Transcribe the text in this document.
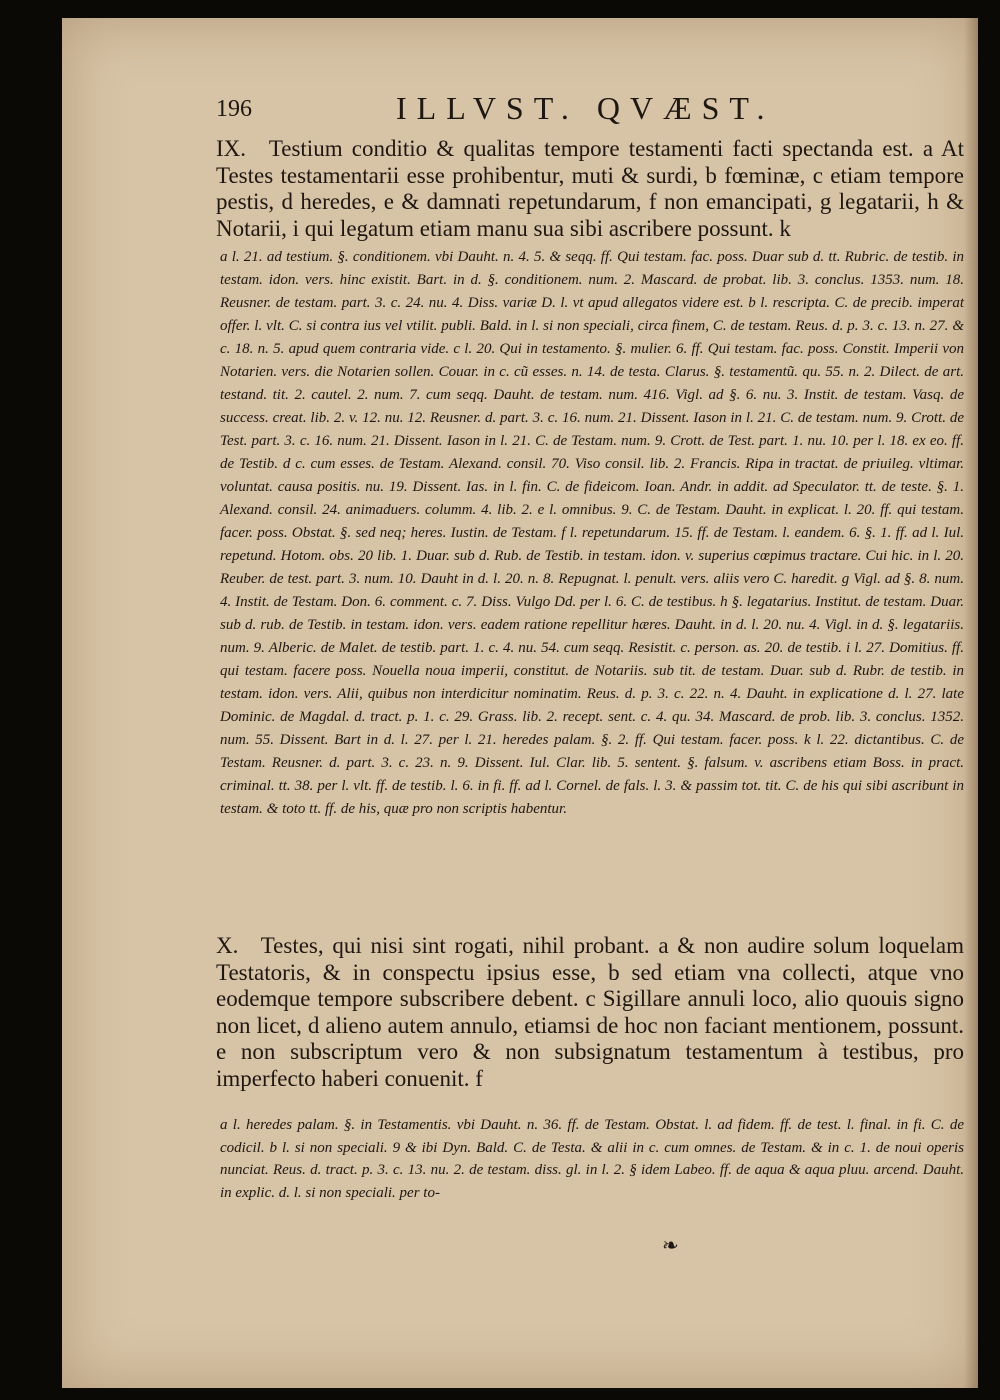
196	ILLVST. QVÆST.
IX. Testium conditio & qualitas tempore testamenti facti spectanda est. a At Testes testamentarii esse prohibentur, muti & surdi, b fœminæ, c etiam tempore pestis, d heredes, e & damnati repetundarum, f non emancipati, g legatarii, h & Notarii, i qui legatum etiam manu sua sibi ascribere possunt. k
a l. 21. ad testium. §. conditionem. vbi Dauht. n. 4. 5. & seqq. ff. Qui testam. fac. poss. Duar sub d. tt. Rubric. de testib. in testam. idon. vers. hinc existit. Bart. in d. §. conditionem. num. 2. Mascard. de probat. lib. 3. conclus. 1353. num. 18. Reusner. de testam. part. 3. c. 24. nu. 4. Diss. variæ D. l. vt apud allegatos videre est. b l. rescripta. C. de precib. imperat offer. l. vlt. C. si contra ius vel vtilit. publi. Bald. in l. si non speciali, circa finem, C. de testam. Reus. d. p. 3. c. 13. n. 27. & c. 18. n. 5. apud quem contraria vide. c l. 20. Qui in testamento. §. mulier. 6. ff. Qui testam. fac. poss. Constit. Imperii von Notarien. vers. die Notarien sollen. Couar. in c. cũ esses. n. 14. de testa. Clarus. §. testamentũ. qu. 55. n. 2. Dilect. de art. testand. tit. 2. cautel. 2. num. 7. cum seqq. Dauht. de testam. num. 416. Vigl. ad §. 6. nu. 3. Instit. de testam. Vasq. de success. creat. lib. 2. v. 12. nu. 12. Reusner. d. part. 3. c. 16. num. 21. Dissent. Iason in l. 21. C. de testam. num. 9. Crott. de Test. part. 3. c. 16. num. 21. Dissent. Iason in l. 21. C. de Testam. num. 9. Crott. de Test. part. 1. nu. 10. per l. 18. ex eo. ff. de Testib. d c. cum esses. de Testam. Alexand. consil. 70. Viso consil. lib. 2. Francis. Ripa in tractat. de priuileg. vltimar. voluntat. causa positis. nu. 19. Dissent. Ias. in l. fin. C. de fideicom. Ioan. Andr. in addit. ad Speculator. tt. de teste. §. 1. Alexand. consil. 24. animaduers. columm. 4. lib. 2. e l. omnibus. 9. C. de Testam. Dauht. in explicat. l. 20. ff. qui testam. facer. poss. Obstat. §. sed neq; heres. Iustin. de Testam. f l. repetundarum. 15. ff. de Testam. l. eandem. 6. §. 1. ff. ad l. Iul. repetund. Hotom. obs. 20 lib. 1. Duar. sub d. Rub. de Testib. in testam. idon. v. superius cœpimus tractare. Cui hic. in l. 20. Reuber. de test. part. 3. num. 10. Dauht in d. l. 20. n. 8. Repugnat. l. penult. vers. aliis vero C. haredit. g Vigl. ad §. 8. num. 4. Instit. de Testam. Don. 6. comment. c. 7. Diss. Vulgo Dd. per l. 6. C. de testibus. h §. legatarius. Institut. de testam. Duar. sub d. rub. de Testib. in testam. idon. vers. eadem ratione repellitur hæres. Dauht. in d. l. 20. nu. 4. Vigl. in d. §. legatariis. num. 9. Alberic. de Malet. de testib. part. 1. c. 4. nu. 54. cum seqq. Resistit. c. person. as. 20. de testib. i l. 27. Domitius. ff. qui testam. facere poss. Nouella noua imperii, constitut. de Notariis. sub tit. de testam. Duar. sub d. Rubr. de testib. in testam. idon. vers. Alii, quibus non interdicitur nominatim. Reus. d. p. 3. c. 22. n. 4. Dauht. in explicatione d. l. 27. late Dominic. de Magdal. d. tract. p. 1. c. 29. Grass. lib. 2. recept. sent. c. 4. qu. 34. Mascard. de prob. lib. 3. conclus. 1352. num. 55. Dissent. Bart in d. l. 27. per l. 21. heredes palam. §. 2. ff. Qui testam. facer. poss. k l. 22. dictantibus. C. de Testam. Reusner. d. part. 3. c. 23. n. 9. Dissent. Iul. Clar. lib. 5. sentent. §. falsum. v. ascribens etiam Boss. in pract. criminal. tt. 38. per l. vlt. ff. de testib. l. 6. in fi. ff. ad l. Cornel. de fals. l. 3. & passim tot. tit. C. de his qui sibi ascribunt in testam. & toto tt. ff. de his, quæ pro non scriptis habentur.
X. Testes, qui nisi sint rogati, nihil probant. a & non audire solum loquelam Testatoris, & in conspectu ipsius esse, b sed etiam vna collecti, atque vno eodemque tempore subscribere debent. c Sigillare annuli loco, alio quouis signo non licet, d alieno autem annulo, etiamsi de hoc non faciant mentionem, possunt. e non subscriptum vero & non subsignatum testamentum à testibus, pro imperfecto haberi conuenit. f
a l. heredes palam. §. in Testamentis. vbi Dauht. n. 36. ff. de Testam. Obstat. l. ad fidem. ff. de test. l. final. in fi. C. de codicil. b l. si non speciali. 9 & ibi Dyn. Bald. C. de Testa. & alii in c. cum omnes. de Testam. & in c. 1. de noui operis nunciat. Reus. d. tract. p. 3. c. 13. nu. 2. de testam. diss. gl. in l. 2. § idem Labeo. ff. de aqua & aqua pluu. arcend. Dauht. in explic. d. l. si non speciali. per to-
❧
